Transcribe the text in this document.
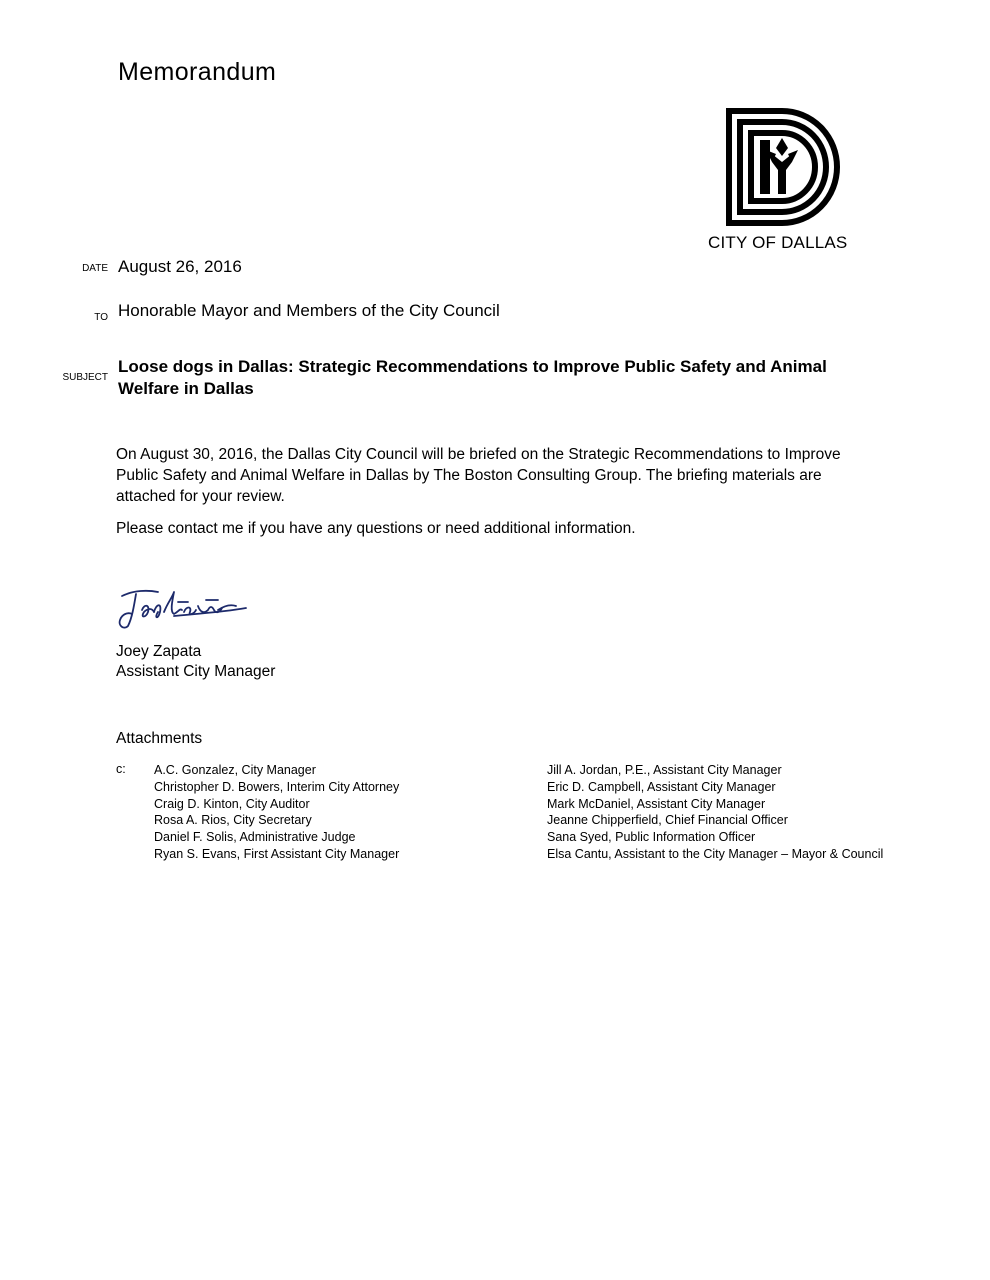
Memorandum
CITY OF DALLAS
DATE August 26, 2016
TO Honorable Mayor and Members of the City Council
SUBJECT
Loose dogs in Dallas: Strategic Recommendations to Improve Public Safety and Animal Welfare in Dallas
On August 30, 2016, the Dallas City Council will be briefed on the Strategic Recommendations to Improve Public Safety and Animal Welfare in Dallas by The Boston Consulting Group. The briefing materials are attached for your review.
Please contact me if you have any questions or need additional information.
Joey Zapata
Assistant City Manager
Attachments
c: A.C. Gonzalez, City Manager
Christopher D. Bowers, Interim City Attorney
Craig D. Kinton, City Auditor
Rosa A. Rios, City Secretary
Daniel F. Solis, Administrative Judge
Ryan S. Evans, First Assistant City Manager
Jill A. Jordan, P.E., Assistant City Manager
Eric D. Campbell, Assistant City Manager
Mark McDaniel, Assistant City Manager
Jeanne Chipperfield, Chief Financial Officer
Sana Syed, Public Information Officer
Elsa Cantu, Assistant to the City Manager – Mayor & Council
